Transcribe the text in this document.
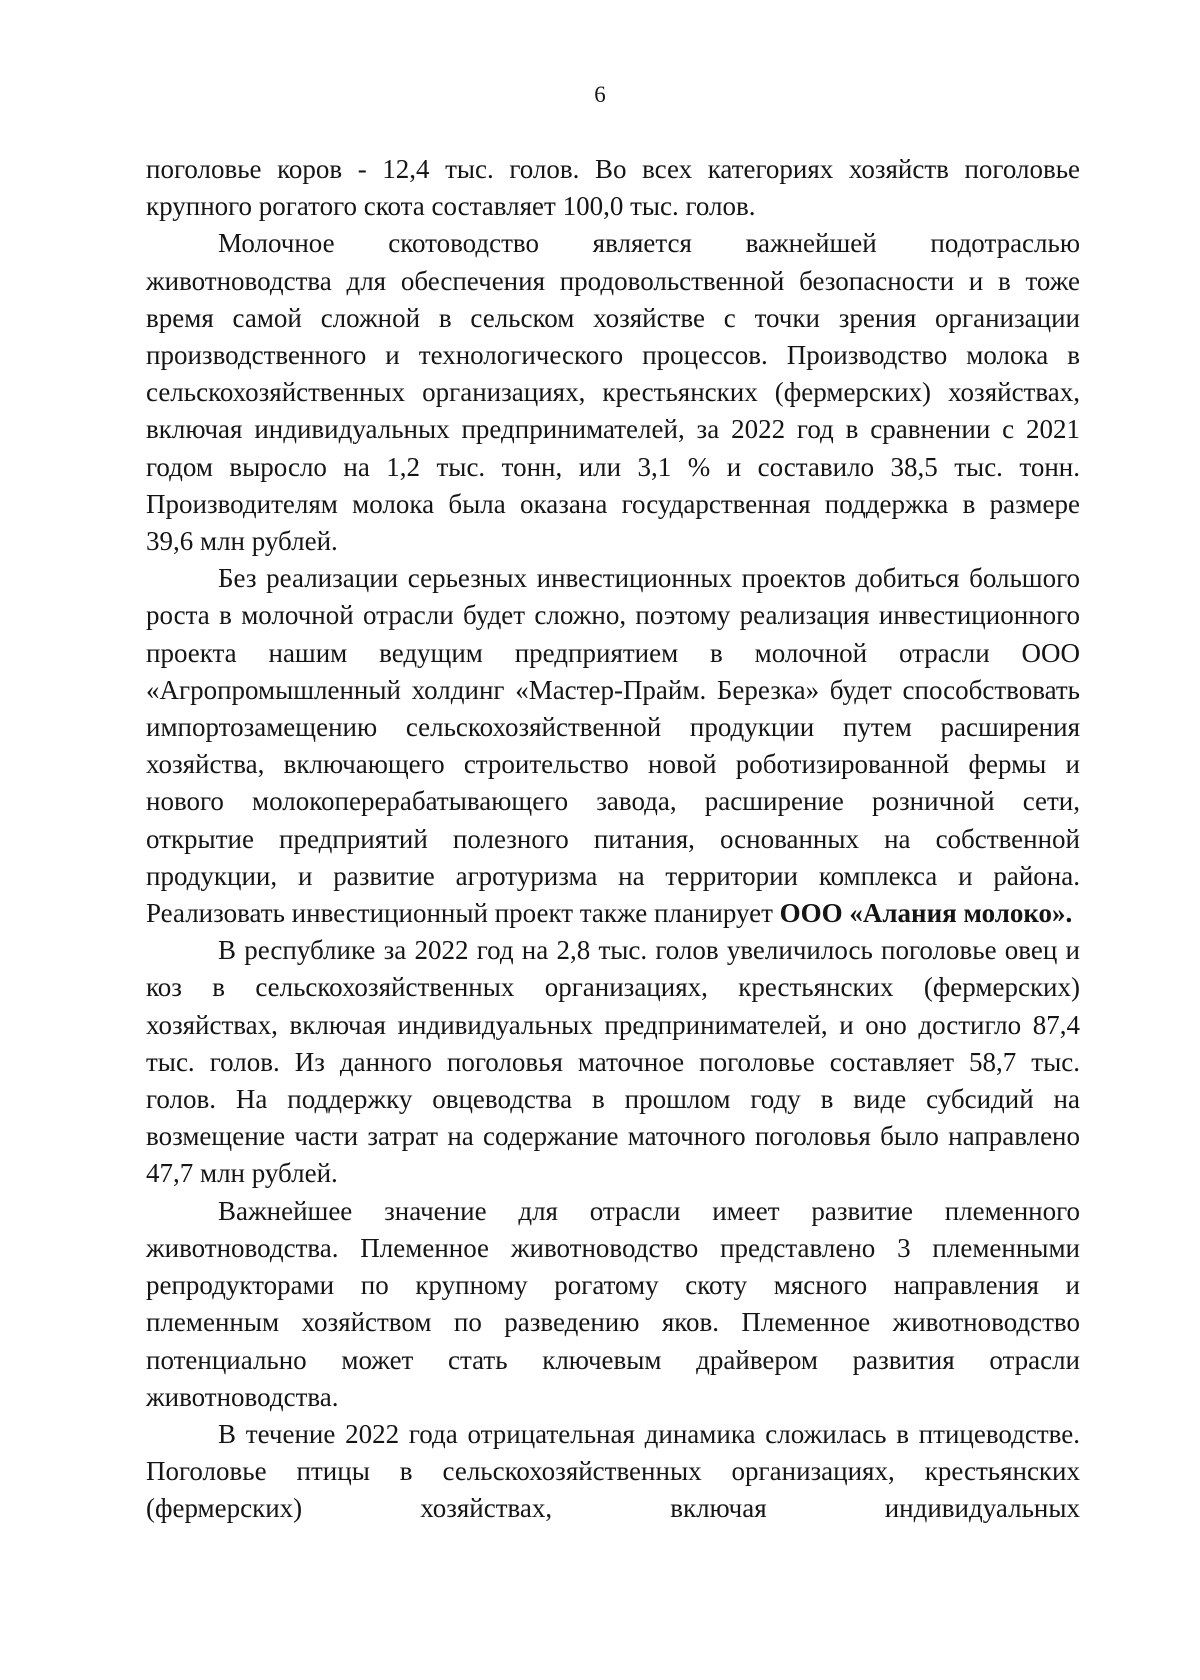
6

поголовье коров - 12,4 тыс. голов. Во всех категориях хозяйств поголовье крупного рогатого скота составляет 100,0 тыс. голов.

Молочное скотоводство является важнейшей подотраслью животноводства для обеспечения продовольственной безопасности и в тоже время самой сложной в сельском хозяйстве с точки зрения организации производственного и технологического процессов. Производство молока в сельскохозяйственных организациях, крестьянских (фермерских) хозяйствах, включая индивидуальных предпринимателей, за 2022 год в сравнении с 2021 годом выросло на 1,2 тыс. тонн, или 3,1 % и составило 38,5 тыс. тонн. Производителям молока была оказана государственная поддержка в размере 39,6 млн рублей.

Без реализации серьезных инвестиционных проектов добиться большого роста в молочной отрасли будет сложно, поэтому реализация инвестиционного проекта нашим ведущим предприятием в молочной отрасли ООО «Агропромышленный холдинг «Мастер-Прайм. Березка» будет способствовать импортозамещению сельскохозяйственной продукции путем расширения хозяйства, включающего строительство новой роботизированной фермы и нового молокоперерабатывающего завода, расширение розничной сети, открытие предприятий полезного питания, основанных на собственной продукции, и развитие агротуризма на территории комплекса и района. Реализовать инвестиционный проект также планирует ООО «Алания молоко».

В республике за 2022 год на 2,8 тыс. голов увеличилось поголовье овец и коз в сельскохозяйственных организациях, крестьянских (фермерских) хозяйствах, включая индивидуальных предпринимателей, и оно достигло 87,4 тыс. голов. Из данного поголовья маточное поголовье составляет 58,7 тыс. голов. На поддержку овцеводства в прошлом году в виде субсидий на возмещение части затрат на содержание маточного поголовья было направлено 47,7 млн рублей.

Важнейшее значение для отрасли имеет развитие племенного животноводства. Племенное животноводство представлено 3 племенными репродукторами по крупному рогатому скоту мясного направления и племенным хозяйством по разведению яков. Племенное животноводство потенциально может стать ключевым драйвером развития отрасли животноводства.

В течение 2022 года отрицательная динамика сложилась в птицеводстве. Поголовье птицы в сельскохозяйственных организациях, крестьянских (фермерских) хозяйствах, включая индивидуальных
